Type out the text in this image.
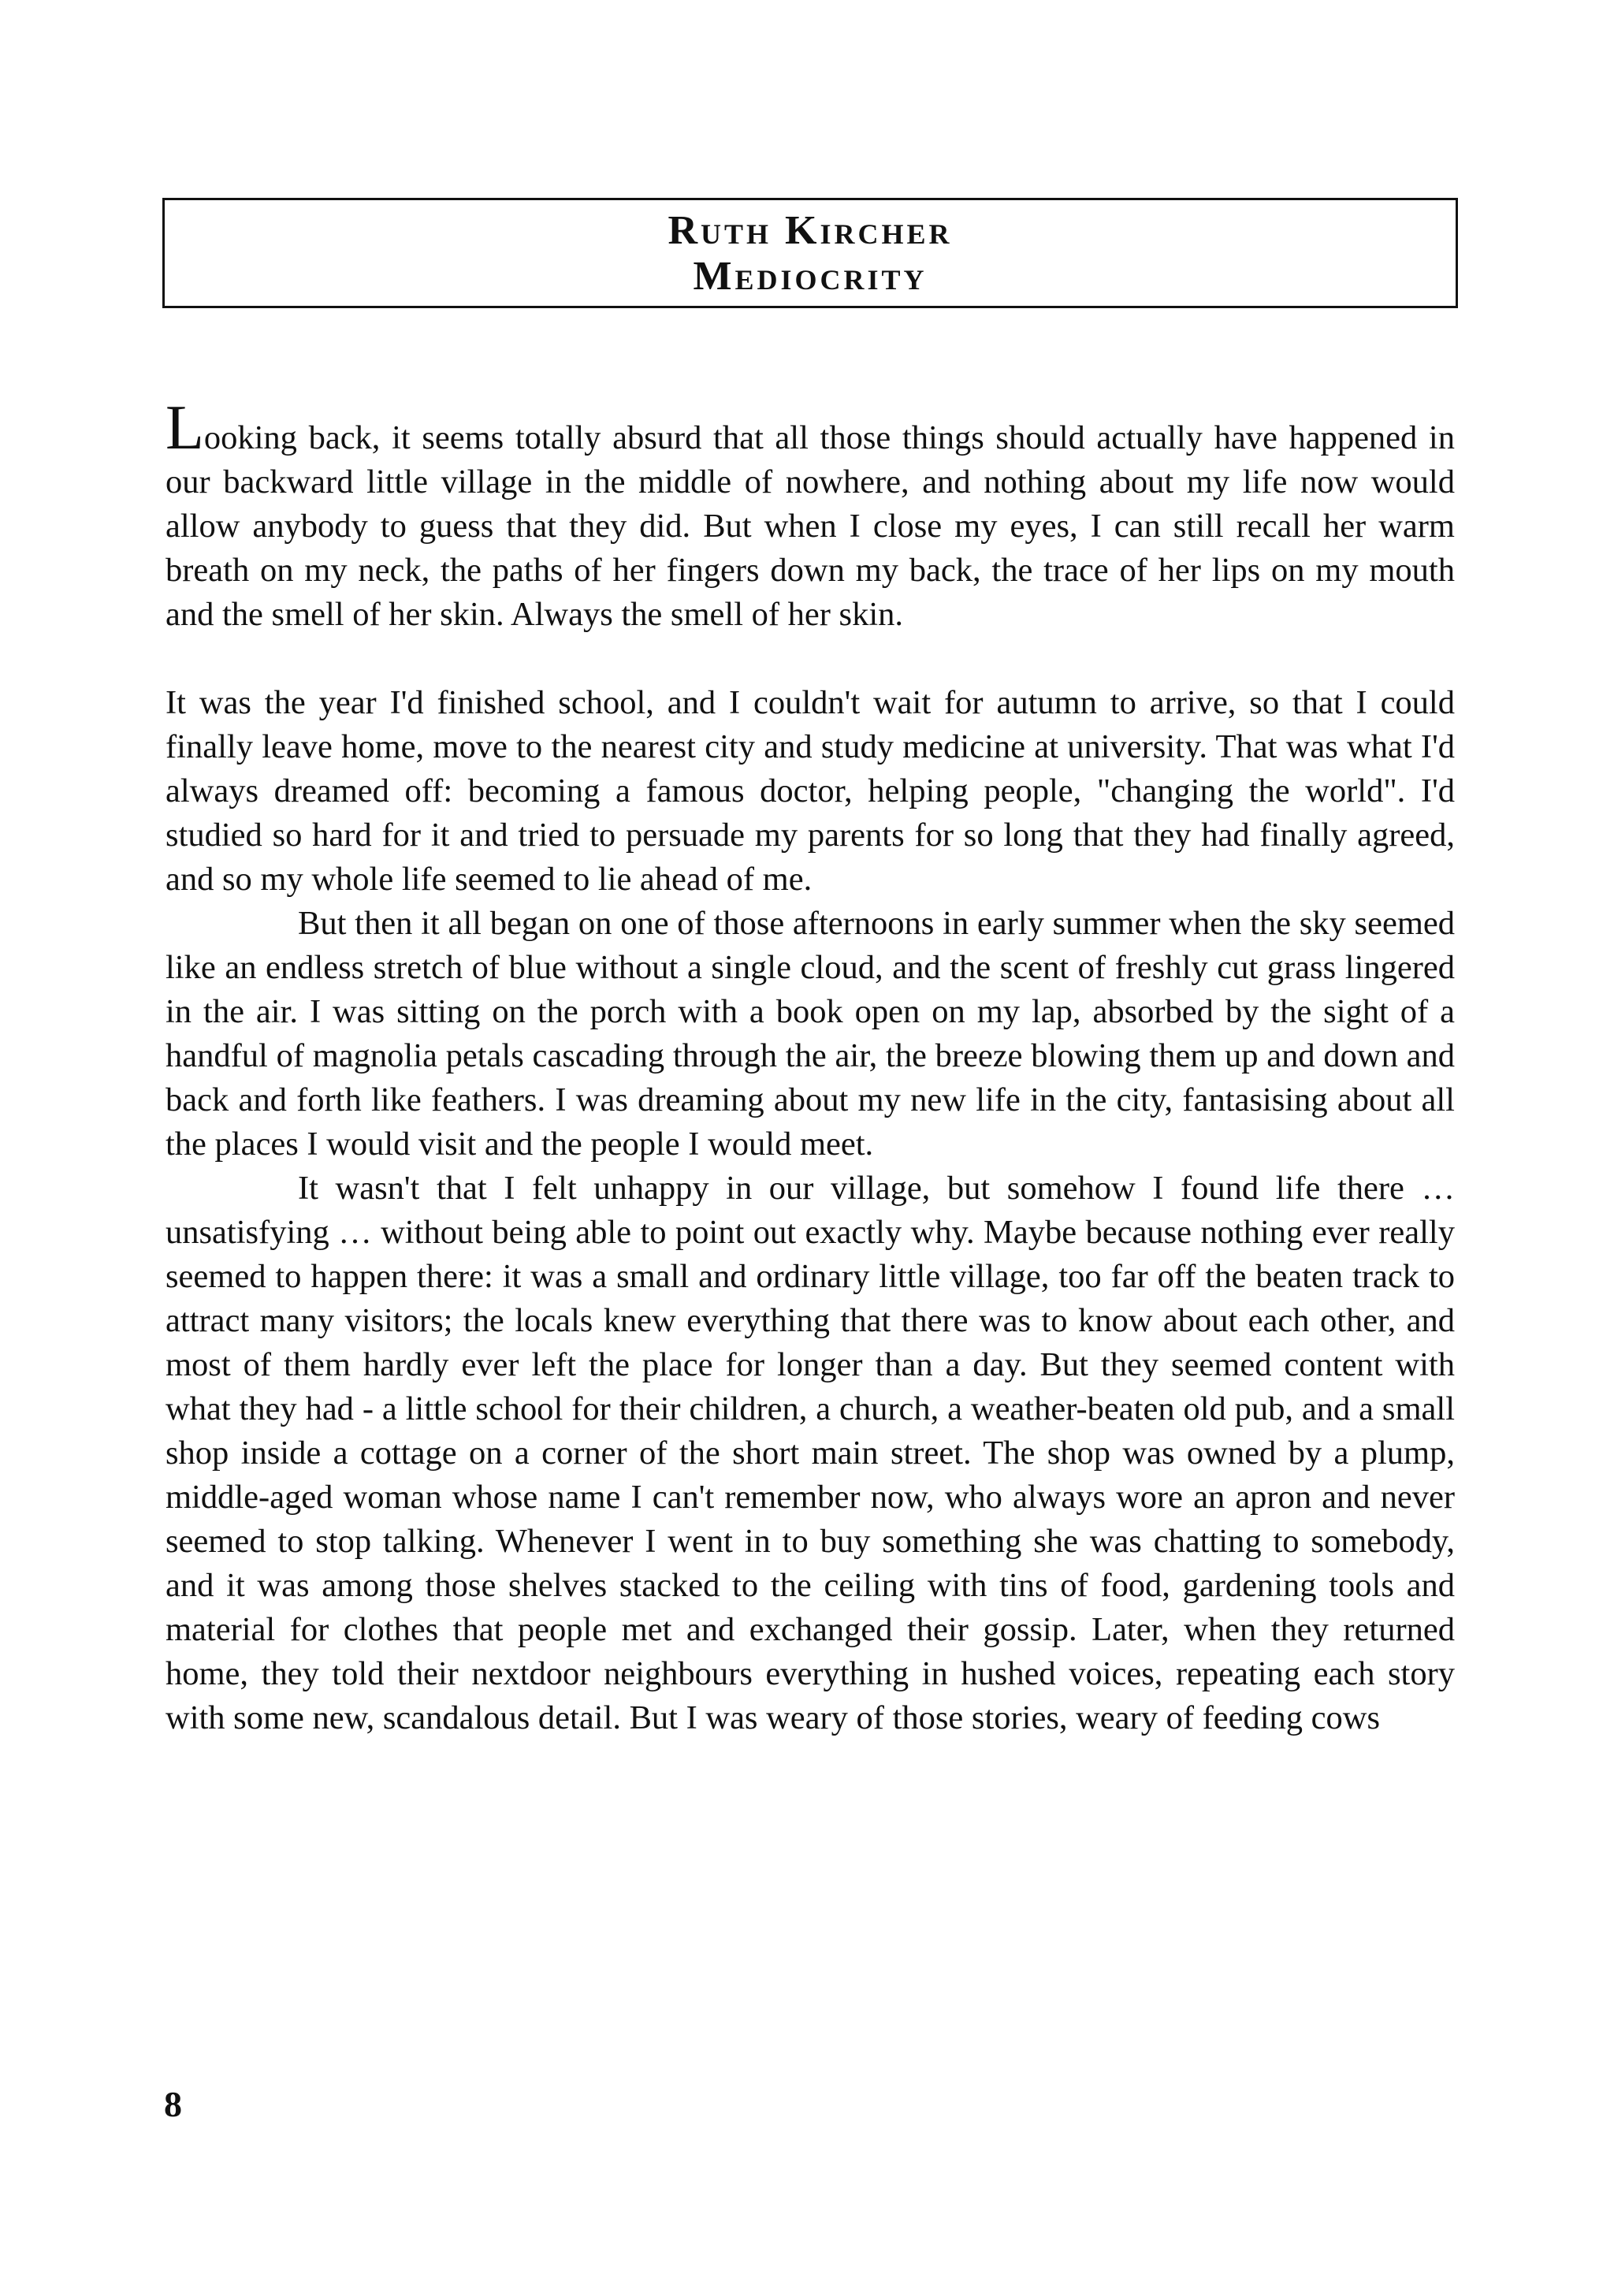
Ruth Kircher
Mediocrity

Looking back, it seems totally absurd that all those things should actually have happened in our backward little village in the middle of nowhere, and nothing about my life now would allow anybody to guess that they did. But when I close my eyes, I can still recall her warm breath on my neck, the paths of her fingers down my back, the trace of her lips on my mouth and the smell of her skin. Always the smell of her skin.

It was the year I'd finished school, and I couldn't wait for autumn to arrive, so that I could finally leave home, move to the nearest city and study medicine at university. That was what I'd always dreamed off: becoming a famous doctor, helping people, "changing the world". I'd studied so hard for it and tried to persuade my parents for so long that they had finally agreed, and so my whole life seemed to lie ahead of me.

But then it all began on one of those afternoons in early summer when the sky seemed like an endless stretch of blue without a single cloud, and the scent of freshly cut grass lingered in the air. I was sitting on the porch with a book open on my lap, absorbed by the sight of a handful of magnolia petals cascading through the air, the breeze blowing them up and down and back and forth like feathers. I was dreaming about my new life in the city, fantasising about all the places I would visit and the people I would meet.

It wasn't that I felt unhappy in our village, but somehow I found life there … unsatisfying … without being able to point out exactly why. Maybe because nothing ever really seemed to happen there: it was a small and ordinary little village, too far off the beaten track to attract many visitors; the locals knew everything that there was to know about each other, and most of them hardly ever left the place for longer than a day. But they seemed content with what they had - a little school for their children, a church, a weather-beaten old pub, and a small shop inside a cottage on a corner of the short main street. The shop was owned by a plump, middle-aged woman whose name I can't remember now, who always wore an apron and never seemed to stop talking. Whenever I went in to buy something she was chatting to somebody, and it was among those shelves stacked to the ceiling with tins of food, gardening tools and material for clothes that people met and exchanged their gossip. Later, when they returned home, they told their nextdoor neighbours everything in hushed voices, repeating each story with some new, scandalous detail. But I was weary of those stories, weary of feeding cows

8
